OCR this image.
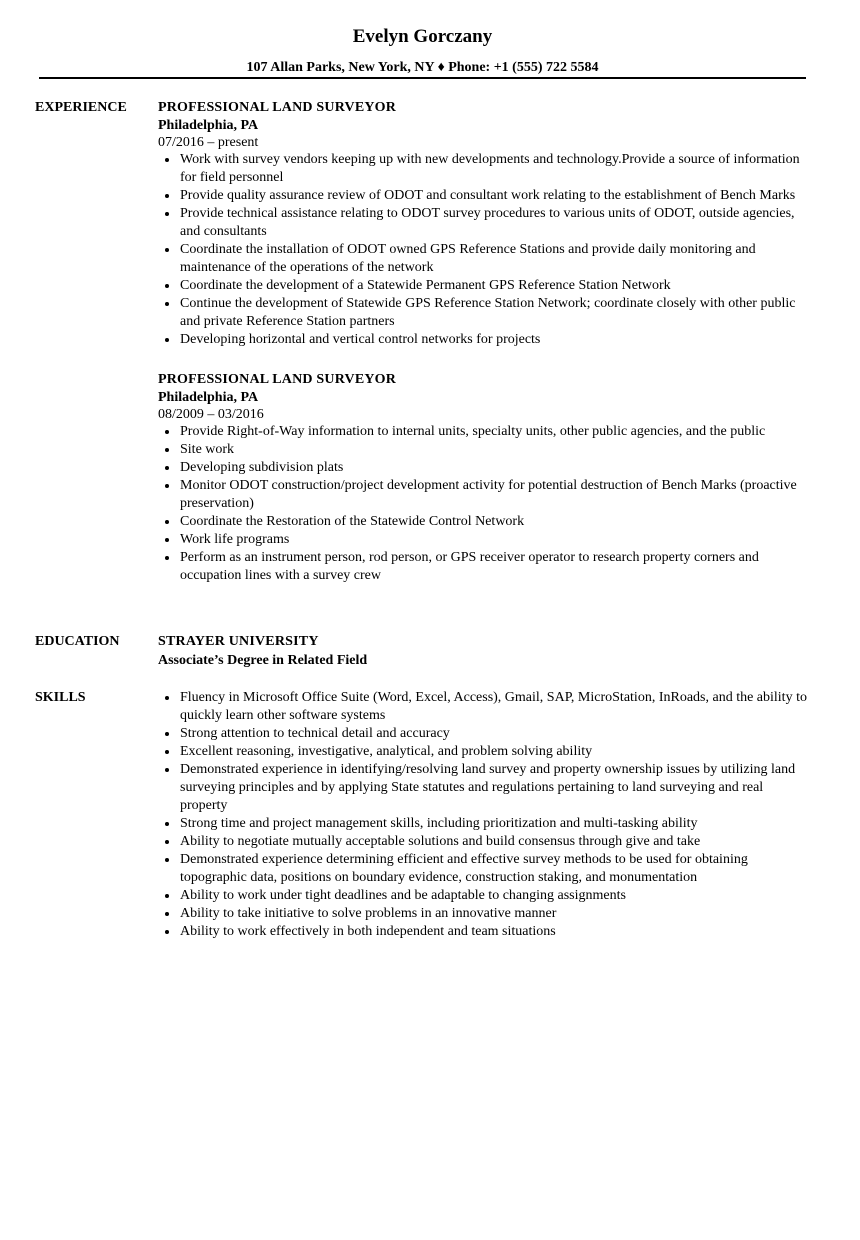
Evelyn Gorczany
107 Allan Parks, New York, NY ♦ Phone: +1 (555) 722 5584
EXPERIENCE PROFESSIONAL LAND SURVEYOR
Philadelphia, PA
07/2016 – present
Work with survey vendors keeping up with new developments and technology.Provide a source of information for field personnel
Provide quality assurance review of ODOT and consultant work relating to the establishment of Bench Marks
Provide technical assistance relating to ODOT survey procedures to various units of ODOT, outside agencies, and consultants
Coordinate the installation of ODOT owned GPS Reference Stations and provide daily monitoring and maintenance of the operations of the network
Coordinate the development of a Statewide Permanent GPS Reference Station Network
Continue the development of Statewide GPS Reference Station Network; coordinate closely with other public and private Reference Station partners
Developing horizontal and vertical control networks for projects
PROFESSIONAL LAND SURVEYOR
Philadelphia, PA
08/2009 – 03/2016
Provide Right-of-Way information to internal units, specialty units, other public agencies, and the public
Site work
Developing subdivision plats
Monitor ODOT construction/project development activity for potential destruction of Bench Marks (proactive preservation)
Coordinate the Restoration of the Statewide Control Network
Work life programs
Perform as an instrument person, rod person, or GPS receiver operator to research property corners and occupation lines with a survey crew
EDUCATION	STRAYER UNIVERSITY
Associate’s Degree in Related Field
SKILLS	Fluency in Microsoft Office Suite (Word, Excel, Access), Gmail, SAP, MicroStation, InRoads, and the ability to quickly learn other software systems
Strong attention to technical detail and accuracy
Excellent reasoning, investigative, analytical, and problem solving ability
Demonstrated experience in identifying/resolving land survey and property ownership issues by utilizing land surveying principles and by applying State statutes and regulations pertaining to land surveying and real property
Strong time and project management skills, including prioritization and multi-tasking ability
Ability to negotiate mutually acceptable solutions and build consensus through give and take
Demonstrated experience determining efficient and effective survey methods to be used for obtaining topographic data, positions on boundary evidence, construction staking, and monumentation
Ability to work under tight deadlines and be adaptable to changing assignments
Ability to take initiative to solve problems in an innovative manner
Ability to work effectively in both independent and team situations
